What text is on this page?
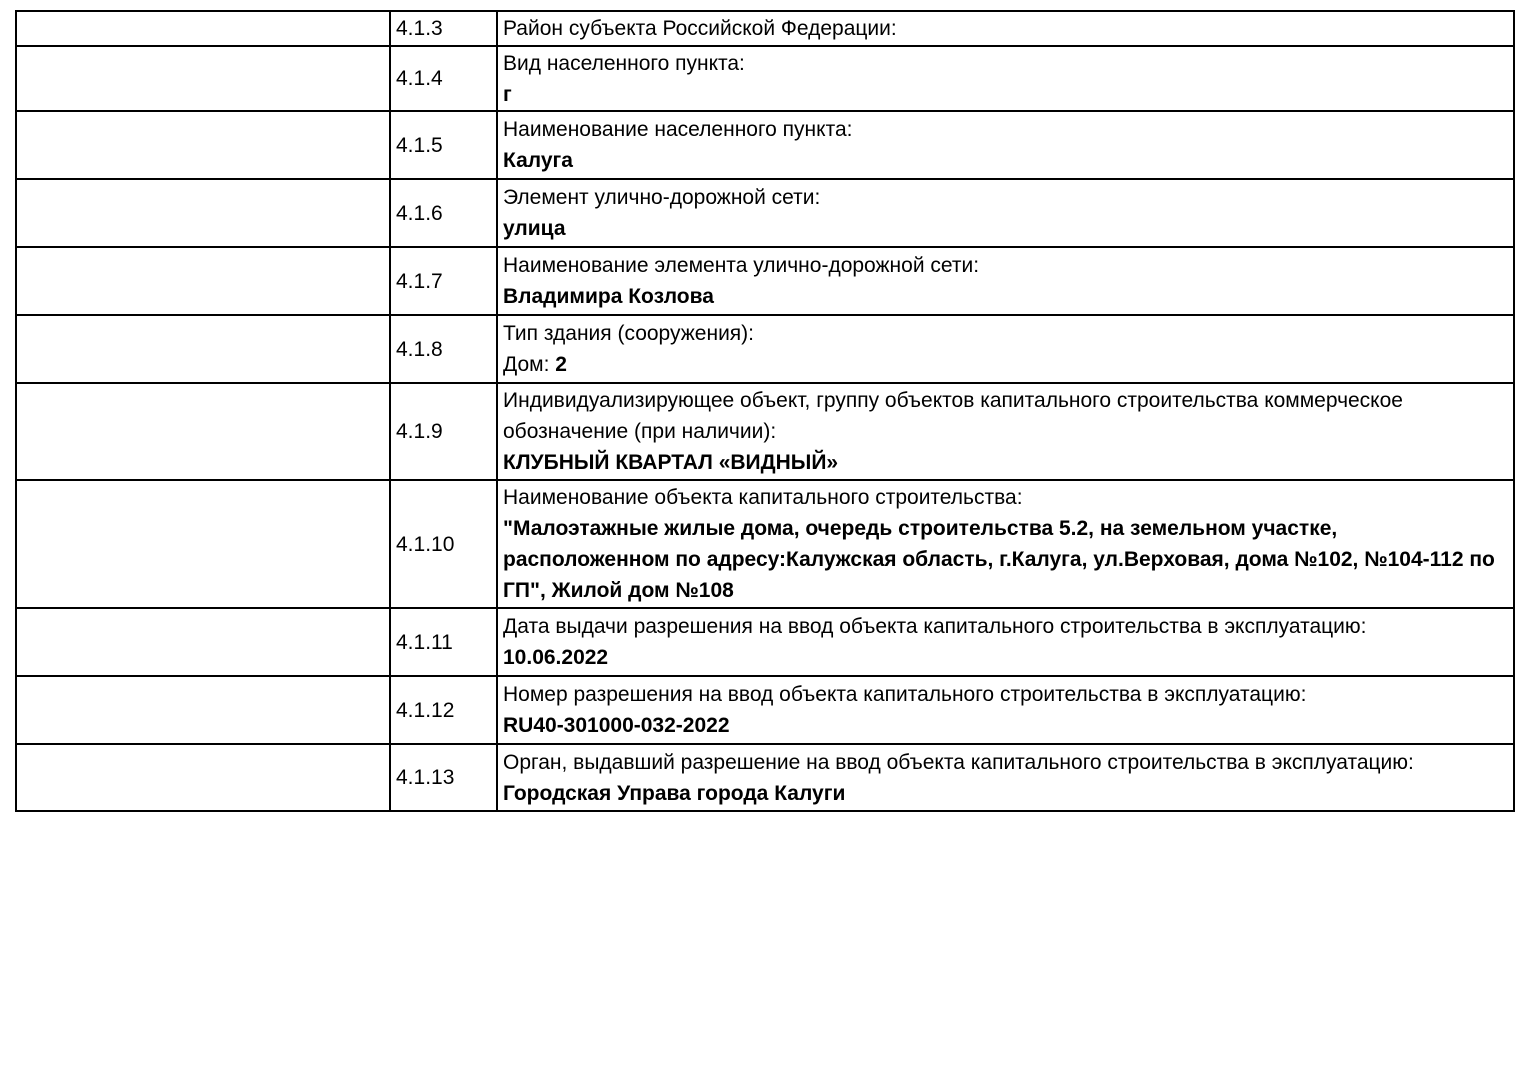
	4.1.3	Район субъекта Российской Федерации:

	4.1.4	Вид населенного пункта:
г

	4.1.5	Наименование населенного пункта:
Калуга

	4.1.6	Элемент улично-дорожной сети:
улица

	4.1.7	Наименование элемента улично-дорожной сети:
Владимира Козлова

	4.1.8	Тип здания (сооружения):
Дом: 2

	4.1.9	Индивидуализирующее объект, группу объектов капитального строительства коммерческое обозначение (при наличии):
КЛУБНЫЙ КВАРТАЛ «ВИДНЫЙ»

	4.1.10	Наименование объекта капитального строительства:
"Малоэтажные жилые дома, очередь строительства 5.2, на земельном участке, расположенном по адресу:Калужская область, г.Калуга, ул.Верховая, дома №102, №104-112 по ГП", Жилой дом №108

	4.1.11	Дата выдачи разрешения на ввод объекта капитального строительства в эксплуатацию:
10.06.2022

	4.1.12	Номер разрешения на ввод объекта капитального строительства в эксплуатацию:
RU40-301000-032-2022

	4.1.13	Орган, выдавший разрешение на ввод объекта капитального строительства в эксплуатацию:
Городская Управа города Калуги
